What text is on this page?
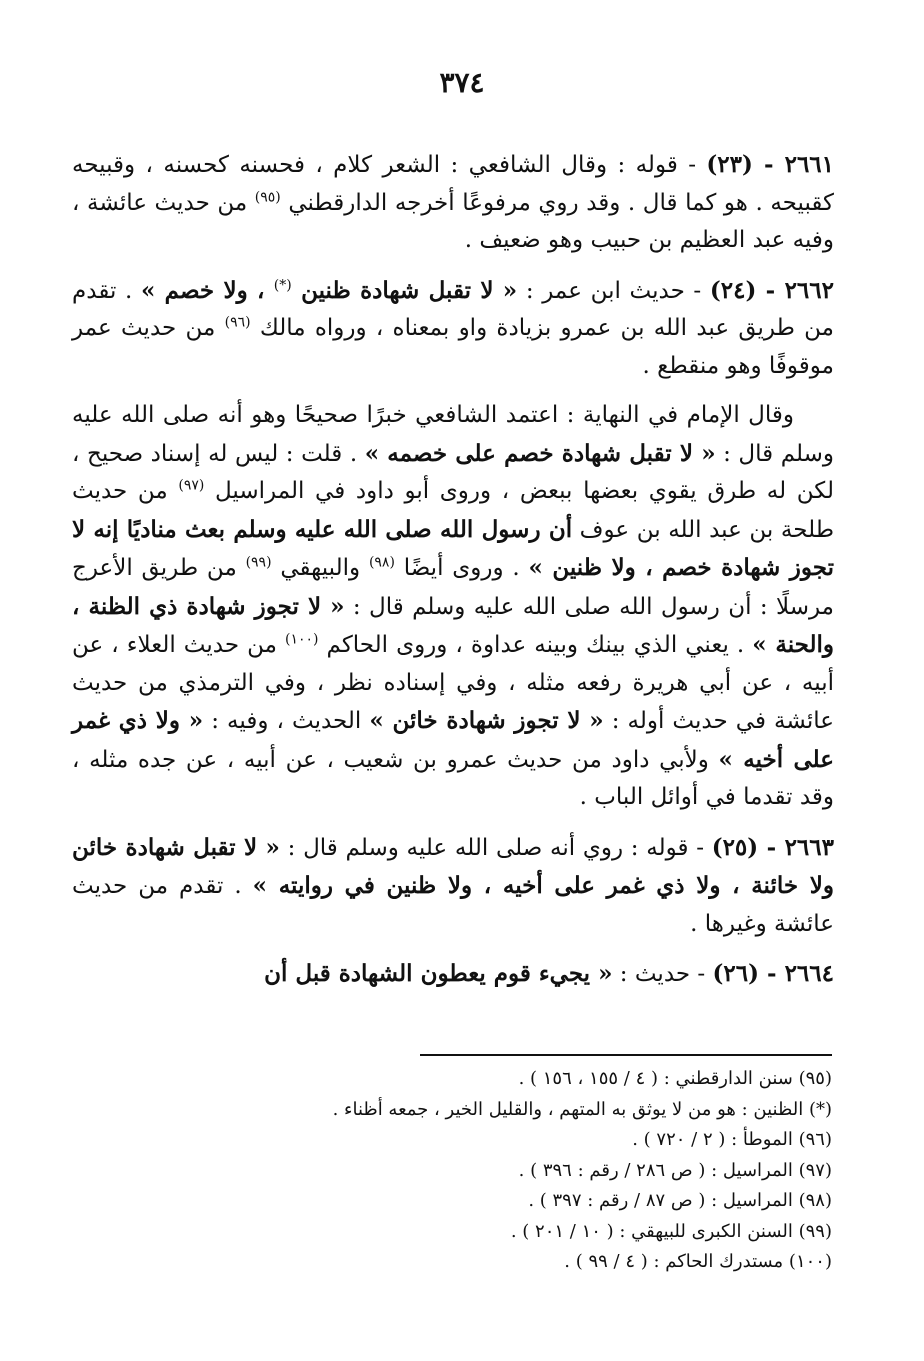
٣٧٤

٢٦٦١ - (٢٣) - قوله : وقال الشافعي : الشعر كلام ، فحسنه كحسنه ، وقبيحه كقبيحه . هو كما قال . وقد روي مرفوعًا أخرجه الدارقطني $^{(٩٥)}$ من حديث عائشة ، وفيه عبد العظيم بن حبيب وهو ضعيف .

٢٦٦٢ - (٢٤) - حديث ابن عمر : « لا تقبل شهادة ظنين (*) ، ولا خصم » . تقدم من طريق عبد الله بن عمرو بزيادة واو بمعناه ، ورواه مالك $^{(٩٦)}$ من حديث عمر موقوفًا وهو منقطع .

وقال الإمام في النهاية : اعتمد الشافعي خبرًا صحيحًا وهو أنه صلى الله عليه وسلم قال : « لا تقبل شهادة خصم على خصمه » . قلت : ليس له إسناد صحيح ، لكن له طرق يقوي بعضها ببعض ، وروى أبو داود في المراسيل $^{(٩٧)}$ من حديث طلحة بن عبد الله بن عوف أن رسول الله صلى الله عليه وسلم بعث مناديًا إنه لا تجوز شهادة خصم ، ولا ظنين » . وروى أيضًا $^{(٩٨)}$ والبيهقي $^{(٩٩)}$ من طريق الأعرج مرسلًا : أن رسول الله صلى الله عليه وسلم قال : « لا تجوز شهادة ذي الظنة ، والحنة » . يعني الذي بينك وبينه عداوة ، وروى الحاكم $^{(١٠٠)}$ من حديث العلاء ، عن أبيه ، عن أبي هريرة رفعه مثله ، وفي إسناده نظر ، وفي الترمذي من حديث عائشة في حديث أوله : « لا تجوز شهادة خائن » الحديث ، وفيه : « ولا ذي غمر على أخيه » ولأبي داود من حديث عمرو بن شعيب ، عن أبيه ، عن جده مثله ، وقد تقدما في أوائل الباب .

٢٦٦٣ - (٢٥) - قوله : روي أنه صلى الله عليه وسلم قال : « لا تقبل شهادة خائن ولا خائنة ، ولا ذي غمر على أخيه ، ولا ظنين في روايته » . تقدم من حديث عائشة وغيرها .

٢٦٦٤ - (٢٦) - حديث : « يجيء قوم يعطون الشهادة قبل أن

(٩٥) سنن الدارقطني : ( ٤ / ١٥٥ ، ١٥٦ ) .
(*) الظنين : هو من لا يوثق به المتهم ، والقليل الخير ، جمعه أظناء .
(٩٦) الموطأ : ( ٢ / ٧٢٠ ) .
(٩٧) المراسيل : ( ص ٢٨٦ / رقم : ٣٩٦ ) .
(٩٨) المراسيل : ( ص ٨٧ / رقم : ٣٩٧ ) .
(٩٩) السنن الكبرى للبيهقي : ( ١٠ / ٢٠١ ) .
(١٠٠) مستدرك الحاكم : ( ٤ / ٩٩ ) .
